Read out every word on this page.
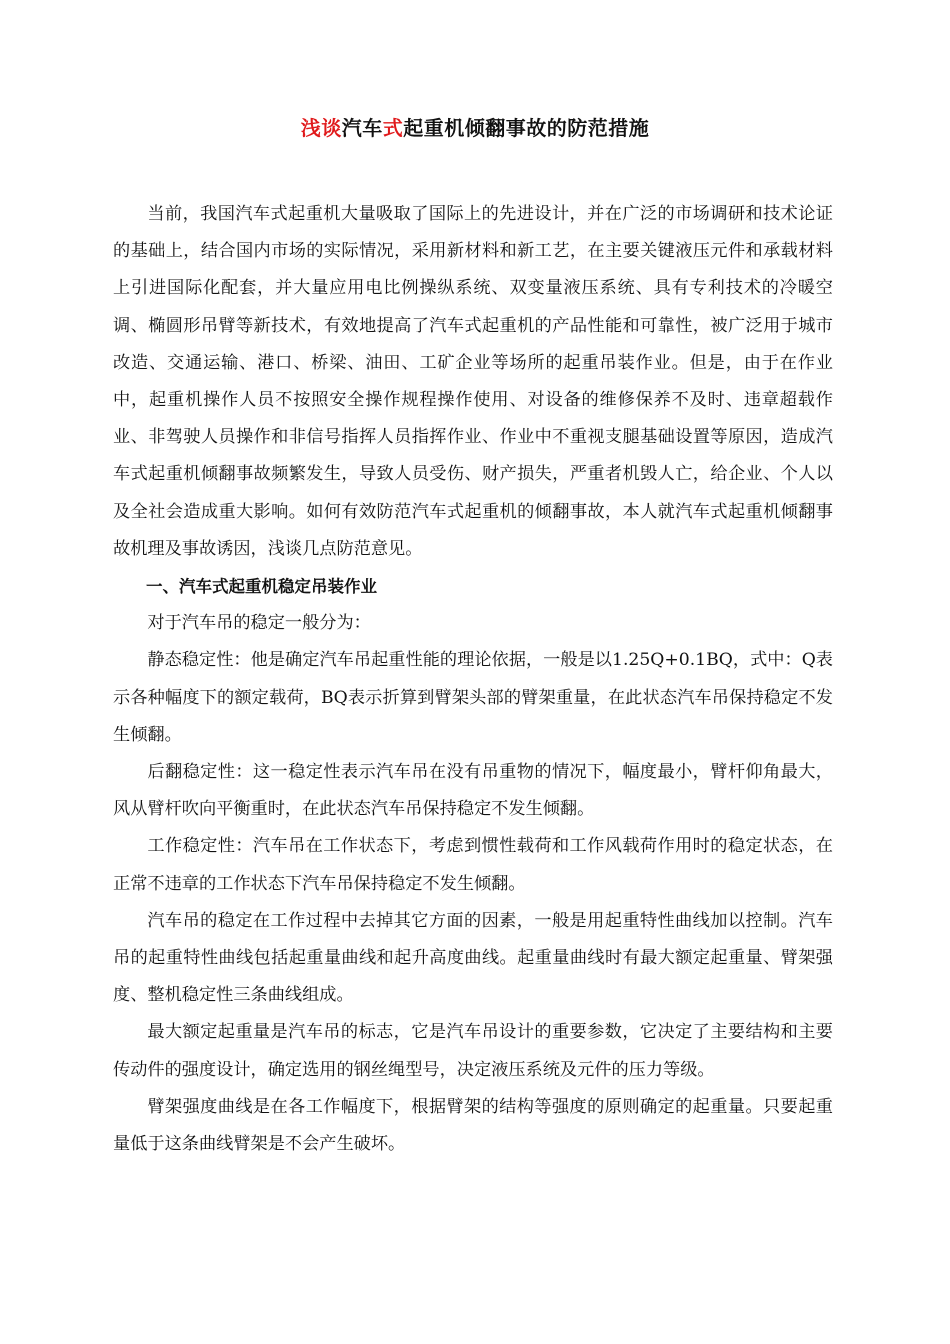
浅谈汽车式起重机倾翻事故的防范措施

当前，我国汽车式起重机大量吸取了国际上的先进设计，并在广泛的市场调研和技术论证的基础上，结合国内市场的实际情况，采用新材料和新工艺，在主要关键液压元件和承载材料上引进国际化配套，并大量应用电比例操纵系统、双变量液压系统、具有专利技术的冷暖空调、椭圆形吊臂等新技术，有效地提高了汽车式起重机的产品性能和可靠性，被广泛用于城市改造、交通运输、港口、桥梁、油田、工矿企业等场所的起重吊装作业。但是，由于在作业中，起重机操作人员不按照安全操作规程操作使用、对设备的维修保养不及时、违章超载作业、非驾驶人员操作和非信号指挥人员指挥作业、作业中不重视支腿基础设置等原因，造成汽车式起重机倾翻事故频繁发生，导致人员受伤、财产损失，严重者机毁人亡，给企业、个人以及全社会造成重大影响。如何有效防范汽车式起重机的倾翻事故，本人就汽车式起重机倾翻事故机理及事故诱因，浅谈几点防范意见。

一、汽车式起重机稳定吊装作业

对于汽车吊的稳定一般分为：

静态稳定性：他是确定汽车吊起重性能的理论依据，一般是以1.25Q+0.1BQ，式中：Q表示各种幅度下的额定载荷，BQ表示折算到臂架头部的臂架重量，在此状态汽车吊保持稳定不发生倾翻。

后翻稳定性：这一稳定性表示汽车吊在没有吊重物的情况下，幅度最小，臂杆仰角最大，风从臂杆吹向平衡重时，在此状态汽车吊保持稳定不发生倾翻。

工作稳定性：汽车吊在工作状态下，考虑到惯性载荷和工作风载荷作用时的稳定状态，在正常不违章的工作状态下汽车吊保持稳定不发生倾翻。

汽车吊的稳定在工作过程中去掉其它方面的因素，一般是用起重特性曲线加以控制。汽车吊的起重特性曲线包括起重量曲线和起升高度曲线。起重量曲线时有最大额定起重量、臂架强度、整机稳定性三条曲线组成。

最大额定起重量是汽车吊的标志，它是汽车吊设计的重要参数，它决定了主要结构和主要传动件的强度设计，确定选用的钢丝绳型号，决定液压系统及元件的压力等级。

臂架强度曲线是在各工作幅度下，根据臂架的结构等强度的原则确定的起重量。只要起重量低于这条曲线臂架是不会产生破坏。
